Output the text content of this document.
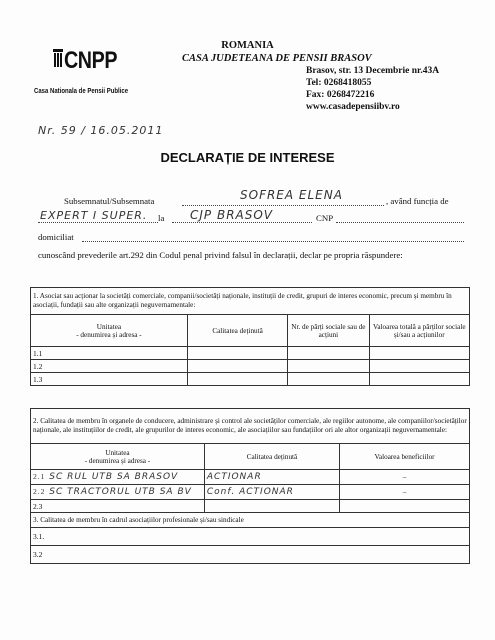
CNPP
Casa Nationala de Pensii Publice
ROMANIA
CASA JUDETEANA DE PENSII BRASOV
Brasov, str. 13 Decembrie nr.43A
Tel: 0268418055
Fax: 0268472216
www.casadepensiibv.ro
Nr. 59 / 16.05.2011
DECLARAȚIE DE INTERESE
Subsemnatul/Subsemnata	SOFREA ELENA	, având funcția de
EXPERT I SUPER. la CJP BRASOV	CNP
domiciliat
cunoscând prevederile art.292 din Codul penal privind falsul în declarații, declar pe propria răspundere:
1. Asociat sau acționar la societăți comerciale, companii/societăți naționale, instituții de credit, grupuri de interes economic, precum și membru în asociații, fundații sau alte organizații neguvernamentale:			
Unitatea
- denumirea și adresa -	Calitatea deținută	Nr. de părți sociale sau de acțiuni	Valoarea totală a părților sociale și/sau a acțiunilor
1.1			
1.2			
1.3			
2. Calitatea de membru în organele de conducere, administrare și control ale societăților comerciale, ale regiilor autonome, ale companiilor/societăților naționale, ale instituțiilor de credit, ale grupurilor de interes economic, ale asociațiilor sau fundațiilor ori ale altor organizații neguvernamentale:		
Unitatea
- denumirea și adresa -	Calitatea deținută	Valoarea beneficiilor
2.1 SC RUL UTB SA BRASOV	ACTIONAR	–
2.2 SC TRACTORUL UTB SA BV	Conf. ACTIONAR	–
2.3		
3. Calitatea de membru în cadrul asociațiilor profesionale și/sau sindicale		
3.1.		
3.2		
